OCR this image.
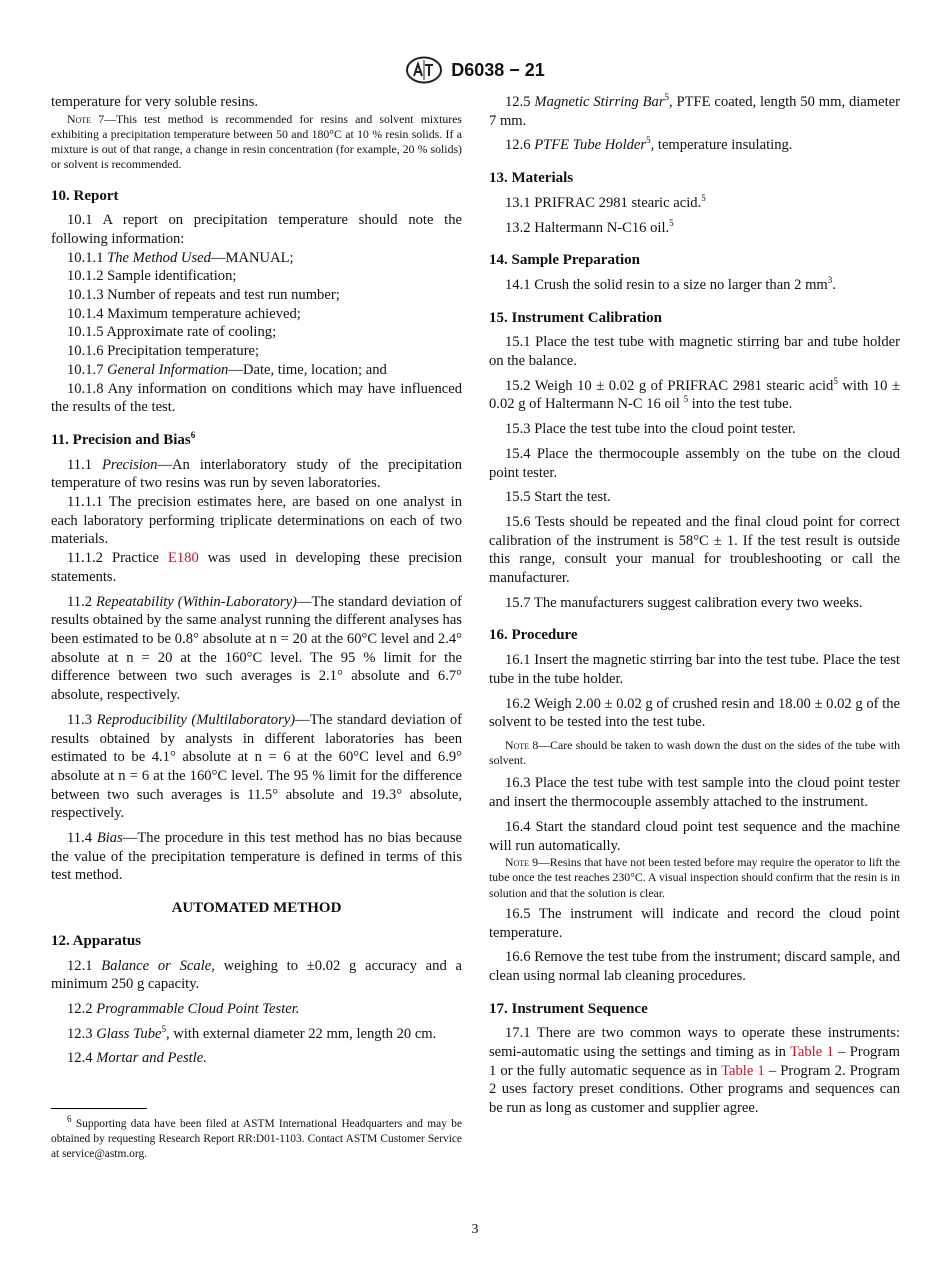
D6038 − 21

temperature for very soluble resins.

Note 7—This test method is recommended for resins and solvent mixtures exhibiting a precipitation temperature between 50 and 180°C at 10 % resin solids. If a mixture is out of that range, a change in resin concentration (for example, 20 % solids) or solvent is recommended.

10. Report

10.1 A report on precipitation temperature should note the following information:

10.1.1 The Method Used—MANUAL;

10.1.2 Sample identification;

10.1.3 Number of repeats and test run number;

10.1.4 Maximum temperature achieved;

10.1.5 Approximate rate of cooling;

10.1.6 Precipitation temperature;

10.1.7 General Information—Date, time, location; and

10.1.8 Any information on conditions which may have influenced the results of the test.

11. Precision and Bias$^6$

11.1 Precision—An interlaboratory study of the precipitation temperature of two resins was run by seven laboratories.

11.1.1 The precision estimates here, are based on one analyst in each laboratory performing triplicate determinations on each of two materials.

11.1.2 Practice E180 was used in developing these precision statements.

11.2 Repeatability (Within-Laboratory)—The standard deviation of results obtained by the same analyst running the different analyses has been estimated to be 0.8° absolute at n = 20 at the 60°C level and 2.4° absolute at n = 20 at the 160°C level. The 95 % limit for the difference between two such averages is 2.1° absolute and 6.7° absolute, respectively.

11.3 Reproducibility (Multilaboratory)—The standard deviation of results obtained by analysts in different laboratories has been estimated to be 4.1° absolute at n = 6 at the 60°C level and 6.9° absolute at n = 6 at the 160°C level. The 95 % limit for the difference between two such averages is 11.5° absolute and 19.3° absolute, respectively.

11.4 Bias—The procedure in this test method has no bias because the value of the precipitation temperature is defined in terms of this test method.

AUTOMATED METHOD
12. Apparatus

12.1 Balance or Scale, weighing to ±0.02 g accuracy and a minimum 250 g capacity.

12.2 Programmable Cloud Point Tester.

12.3 Glass Tube$^5$, with external diameter 22 mm, length 20 cm.

12.4 Mortar and Pestle.

$^6$ Supporting data have been filed at ASTM International Headquarters and may be obtained by requesting Research Report RR:D01-1103. Contact ASTM Customer Service at service@astm.org.

12.5 Magnetic Stirring Bar$^5$, PTFE coated, length 50 mm, diameter 7 mm.

12.6 PTFE Tube Holder$^5$, temperature insulating.

13. Materials

13.1 PRIFRAC 2981 stearic acid.$^5$

13.2 Haltermann N-C16 oil.$^5$

14. Sample Preparation

14.1 Crush the solid resin to a size no larger than 2 $mm^3$.

15. Instrument Calibration

15.1 Place the test tube with magnetic stirring bar and tube holder on the balance.

15.2 Weigh 10 ± 0.02 g of PRIFRAC 2981 stearic acid$^5$ with 10 ± 0.02 g of Haltermann N-C 16 oil $^5$ into the test tube.

15.3 Place the test tube into the cloud point tester.

15.4 Place the thermocouple assembly on the tube on the cloud point tester.

15.5 Start the test.

15.6 Tests should be repeated and the final cloud point for correct calibration of the instrument is 58°C ± 1. If the test result is outside this range, consult your manual for troubleshooting or call the manufacturer.

15.7 The manufacturers suggest calibration every two weeks.

16. Procedure

16.1 Insert the magnetic stirring bar into the test tube. Place the test tube in the tube holder.

16.2 Weigh 2.00 ± 0.02 g of crushed resin and 18.00 ± 0.02 g of the solvent to be tested into the test tube.

Note 8—Care should be taken to wash down the dust on the sides of the tube with solvent.

16.3 Place the test tube with test sample into the cloud point tester and insert the thermocouple assembly attached to the instrument.

16.4 Start the standard cloud point test sequence and the machine will run automatically.

Note 9—Resins that have not been tested before may require the operator to lift the tube once the test reaches 230°C. A visual inspection should confirm that the resin is in solution and that the solution is clear.

16.5 The instrument will indicate and record the cloud point temperature.

16.6 Remove the test tube from the instrument; discard sample, and clean using normal lab cleaning procedures.

17. Instrument Sequence

17.1 There are two common ways to operate these instruments: semi-automatic using the settings and timing as in Table 1 – Program 1 or the fully automatic sequence as in Table 1 – Program 2. Program 2 uses factory preset conditions. Other programs and sequences can be run as long as customer and supplier agree.

3
